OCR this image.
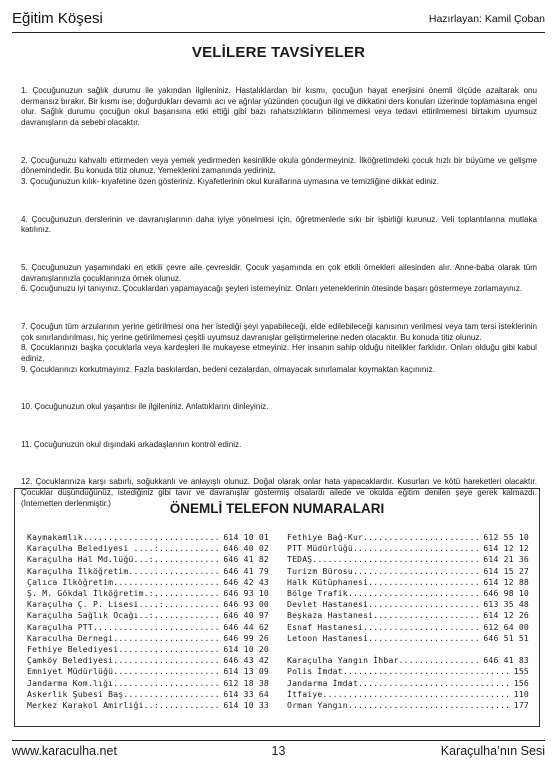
Eğitim Köşesi	Hazırlayan: Kamil Çoban
VELİLERE TAVSİYELER

1. Çocuğunuzun sağlık durumu ile yakından ilgileniniz. Hastalıklardan bir kısmı, çocuğun hayat enerjisini önemli ölçüde azaltarak onu dermansız bırakır. Bir kısmı ise; doğurdukları devamlı acı ve ağrılar yüzünden çocuğun ilgi ve dikkatini ders konuları üzerinde toplamasına engel olur. Sağlık durumu çocuğun okul başarısına etki ettiği gibi bazı rahatsızlıkların bilinmemesi veya tedavi ettirilmemesi birtakım uyumsuz davranışların da sebebi olacaktır.

2. Çocuğunuzu kahvaltı ettirmeden veya yemek yedirmeden kesinlikle okula göndermeyiniz. İlköğretimdeki çocuk hızlı bir büyüme ve gelişme dönemindedir. Bu konuda titiz olunuz. Yemeklerini zamanında yediriniz.

3. Çocuğunuzun kılık- kıyafetine özen gösteriniz. Kıyafetlerinin okul kurallarına uymasına ve temizliğine dikkat ediniz.

4. Çocuğunuzun derslerinin ve davranışlarının daha iyiye yönelmesi için, öğretmenlerle sıkı bir işbirliği kurunuz. Veli toplantılarına mutlaka katılınız.

5. Çocuğunuzun yaşamındaki en etkili çevre aile çevresidir. Çocuk yaşamında en çok etkili örnekleri ailesinden alır. Anne-baba olarak tüm davranışlarınızla çocuklarınıza örnek olunuz.

6. Çocuğunuzu iyi tanıyınız. Çocuklardan yapamayacağı şeyleri istemeyiniz. Onları yeteneklerinin ötesinde başarı göstermeye zorlamayınız.

7. Çocuğun tüm arzularının yerine getirilmesi ona her istediği şeyi yapabileceği, elde edilebileceği kanısının verilmesi veya tam tersi isteklerinin çok sınırlandırılması, hiç yerine getirilmemesi çeşitli uyumsuz davranışlar geliştirmelerine neden olacaktır. Bu konuda titiz olunuz.

8. Çocuklarınızı başka çocuklarla veya kardeşleri ile mukayese etmeyiniz. Her insanın sahip olduğu nitelikler farklıdır. Onları olduğu gibi kabul ediniz.

9. Çocuklarınızı korkutmayınız. Fazla baskılardan, bedeni cezalardan, olmayacak sınırlamalar koymaktan kaçınınız.

10. Çocuğunuzun okul yaşantısı ile ilgileniniz. Anlattıklarını dinleyiniz.

11. Çocuğunuzun okul dışındaki arkadaşlarının kontrol ediniz.

12. Çocuklarınıza karşı sabırlı, soğukkanlı ve anlayışlı olunuz. Doğal olarak onlar hata yapacaklardır. Kusurları ve kötü hareketleri olacaktır. Çocuklar düşündüğünüz, istediğiniz gibi tavır ve davranışlar göstermiş olsalardı ailede ve okulda eğitim denilen şeye gerek kalmazdı. (İnternetten derlenmiştir.)	ÖNEMLİ TELEFON NUMARALARI
Kaymakamlık .....	614 10 01
Karaçulha Belediyesi ....: .....	646 40 02
Karaçulha Hal Md.lüğü...: .....	646 41 82
Karaçulha İlköğretim .....	646 41 79
Çalıca İlköğretim .....	646 42 43
Ş. M. Gökdal İlköğretim.: .....	646 93 10
Karaçulha Ç. P. Lisesi....: .....	646 93 00
Karaçulha Sağlık Ocağı..: .....	646 40 97
Karaçulha PTT .....	646 44 62
Karaculha Dernegi .....	646 99 26
Fethiye Belediyesi .....	614 10 20
Çamköy Belediyesi .....	646 43 42
Emniyet Müdürlüğü .....	614 13 09
Jandarma Kom.lığı .....	612 18 38
Askerlik Şubesi Baş .....	614 33 64
Merkez Karakol Amirliği..: .....	614 10 33
Fethiye Bağ-Kur .....	612 55 10
PTT Müdürlüğü .....	614 12 12
TEDAŞ .....	614 21 36
Turizm Bürosu .....	614 15 27
Halk Kütüphanesi .....	614 12 88
Bölge Trafik .....	646 98 10
Devlet Hastanesi .....	613 35 48
Beşkaza Hastanesi .....	614 12 26
Esnaf Hastanesi .....	612 64 00
Letoon Hastanesi .....	646 51 51

Karaçulha Yangın İhbar .....	646 41 83
Polis İmdat .....	155
Jandarma İmdat .....	156
İtfaiye .....	110
Orman Yangın .....	177
www.karaculha.net	13	Karaçulha’nın Sesi
